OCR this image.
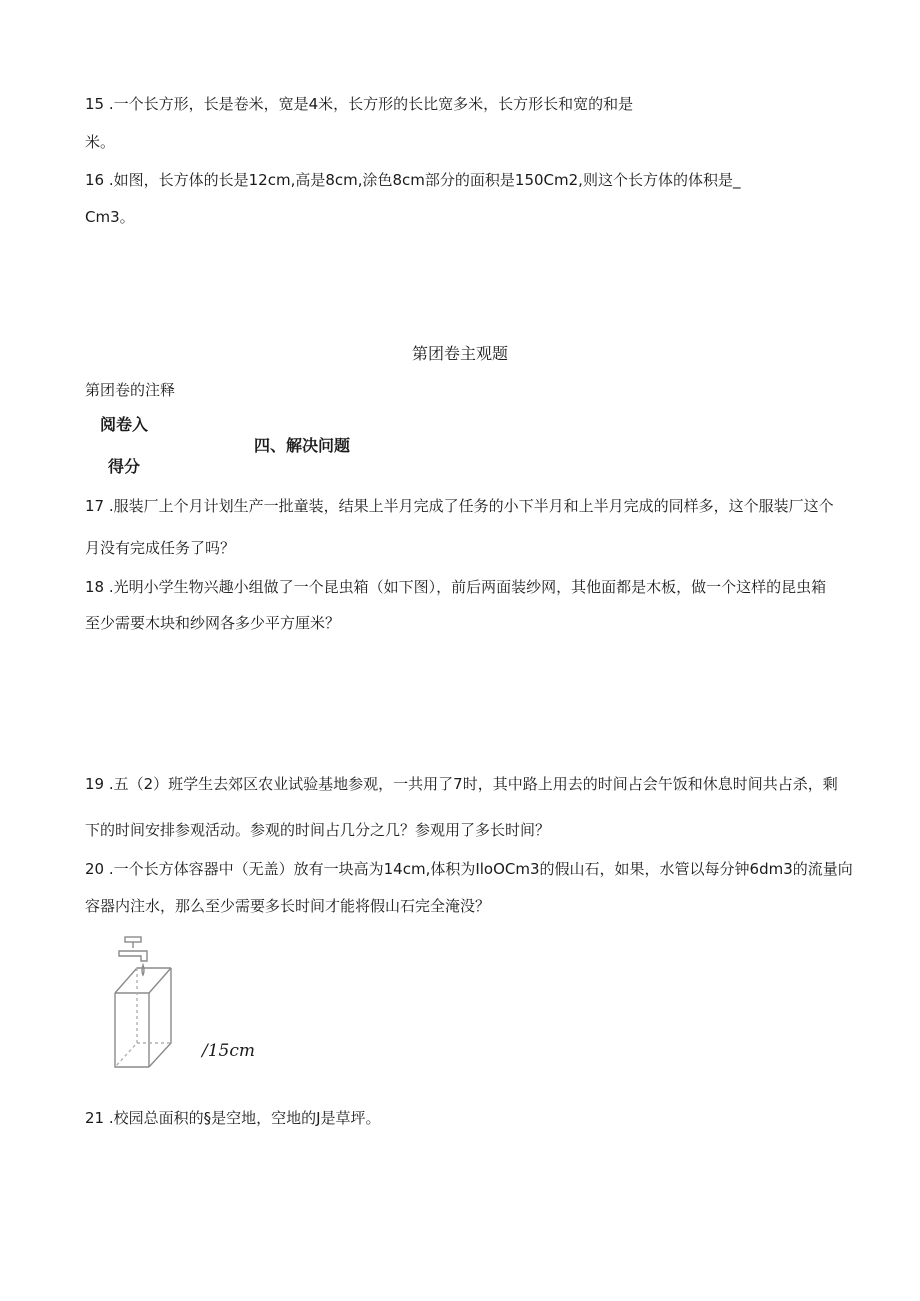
15 .一个长方形，长是卷米，宽是4米，长方形的长比宽多米，长方形长和宽的和是
米。
16 .如图，长方体的长是12cm,高是8cm,涂色8cm部分的面积是150Cm2,则这个长方体的体积是_
Cm3。
第团卷主观题
第团卷的注释
阅卷入
四、解决问题
得分
17 .服装厂上个月计划生产一批童装，结果上半月完成了任务的小下半月和上半月完成的同样多，这个服装厂这个
月没有完成任务了吗？
18 .光明小学生物兴趣小组做了一个昆虫箱（如下图），前后两面装纱网，其他面都是木板，做一个这样的昆虫箱
至少需要木块和纱网各多少平方厘米？
19 .五（2）班学生去郊区农业试验基地参观，一共用了7时，其中路上用去的时间占会午饭和休息时间共占杀，剩
下的时间安排参观活动。参观的时间占几分之几？参观用了多长时间？
20 .一个长方体容器中（无盖）放有一块高为14cm,体积为IloOCm3的假山石，如果，水管以每分钟6dm3的流量向
容器内注水，那么至少需要多长时间才能将假山石完全淹没？
/15cm
21 .校园总面积的§是空地，空地的J是草坪。
